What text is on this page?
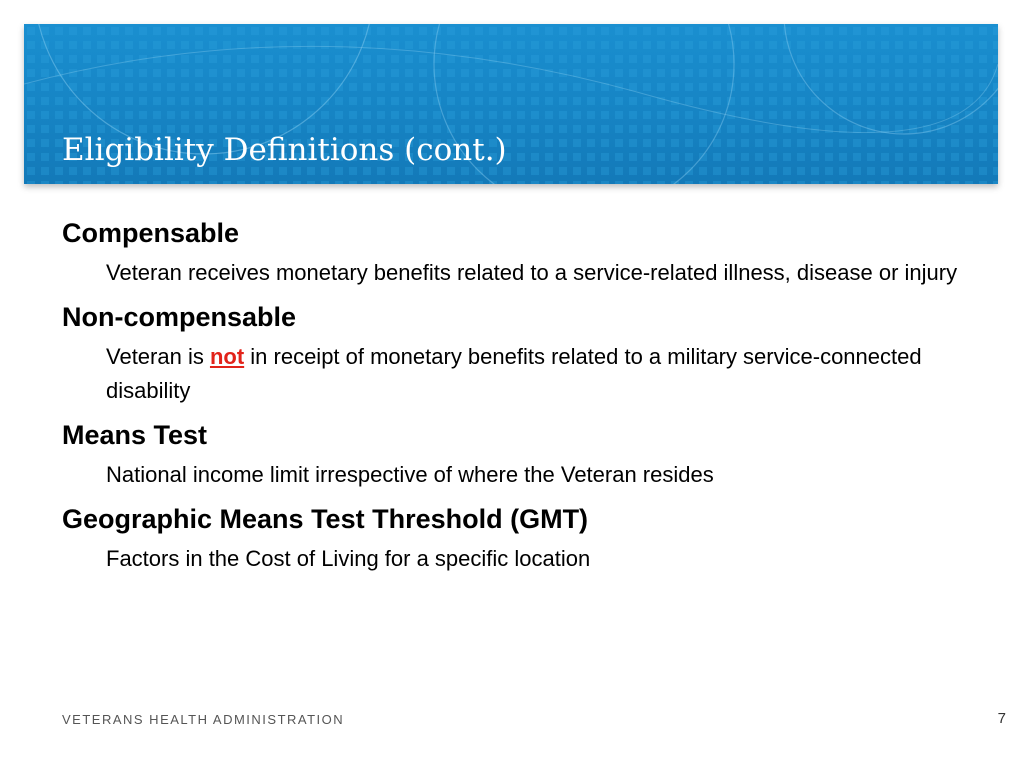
Eligibility Definitions (cont.)

Compensable

Veteran receives monetary benefits related to a service-related illness, disease or injury

Non-compensable

Veteran is not in receipt of monetary benefits related to a military service-connected disability

Means Test

National income limit irrespective of where the Veteran resides

Geographic Means Test Threshold (GMT)

Factors in the Cost of Living for a specific location

VETERANS HEALTH ADMINISTRATION	7
